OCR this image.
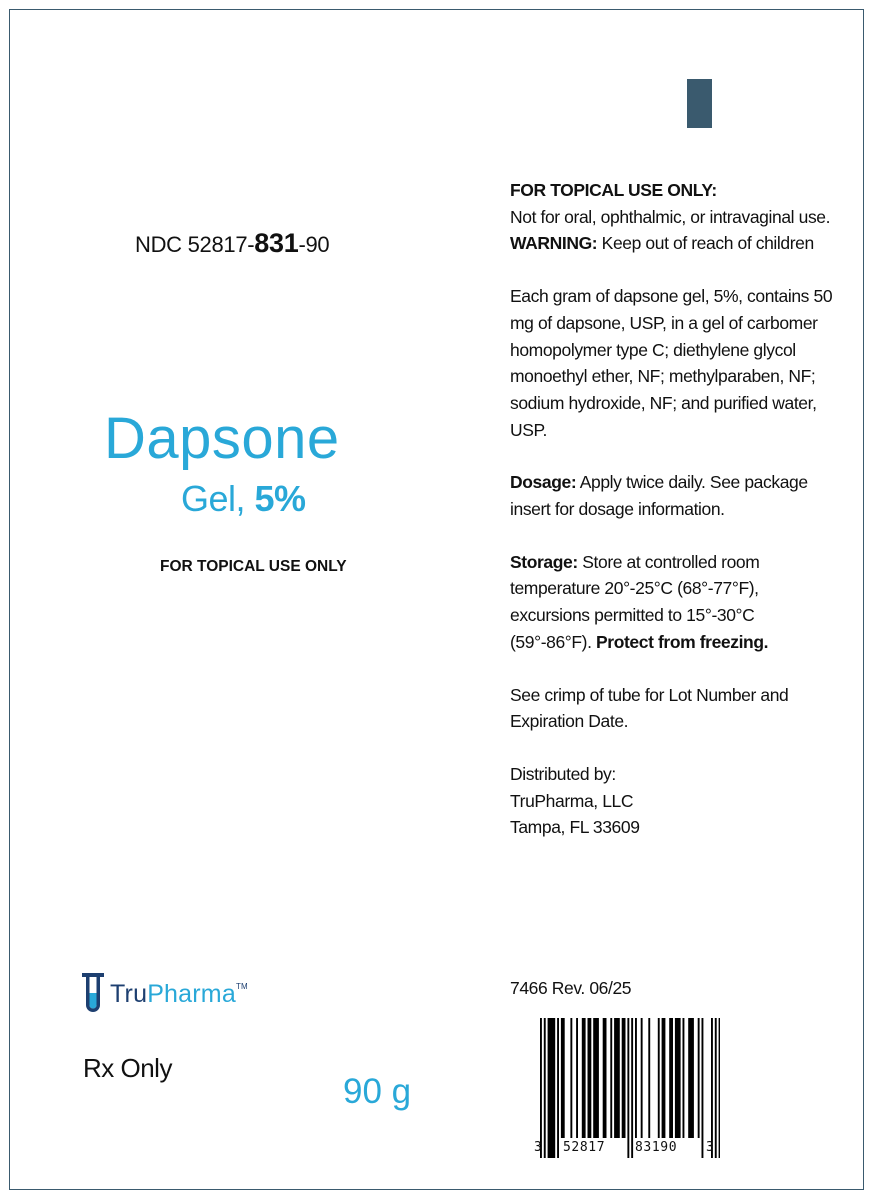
NDC 52817-831-90
Dapsone
Gel, 5%
FOR TOPICAL USE ONLY
TruPharma™
Rx Only
90 g

FOR TOPICAL USE ONLY:
Not for oral, ophthalmic, or intravaginal use.
WARNING: Keep out of reach of children

Each gram of dapsone gel, 5%, contains 50 mg of dapsone, USP, in a gel of carbomer homopolymer type C; diethylene glycol monoethyl ether, NF; methylparaben, NF; sodium hydroxide, NF; and purified water, USP.

Dosage: Apply twice daily. See package insert for dosage information.

Storage: Store at controlled room temperature 20°-25°C (68°-77°F), excursions permitted to 15°-30°C (59°-86°F). Protect from freezing.

See crimp of tube for Lot Number and Expiration Date.

Distributed by:
TruPharma, LLC
Tampa, FL 33609

7466 Rev. 06/25
3 52817 83190 3
